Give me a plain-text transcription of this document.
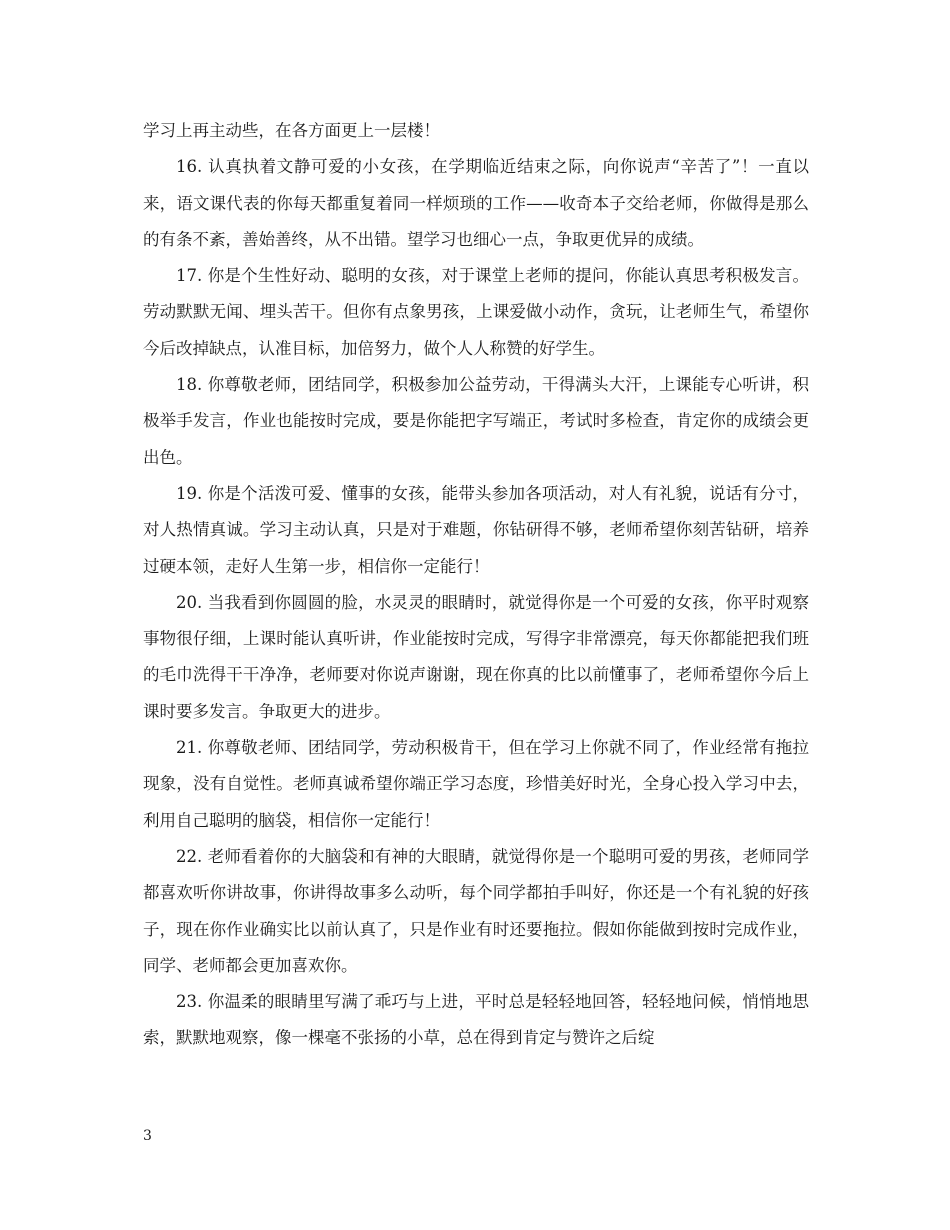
学习上再主动些，在各方面更上一层楼！

16. 认真执着文静可爱的小女孩，在学期临近结束之际，向你说声“辛苦了”！一直以来，语文课代表的你每天都重复着同一样烦琐的工作——收奇本子交给老师，你做得是那么的有条不紊，善始善终，从不出错。望学习也细心一点，争取更优异的成绩。

17. 你是个生性好动、聪明的女孩，对于课堂上老师的提问，你能认真思考积极发言。劳动默默无闻、埋头苦干。但你有点象男孩，上课爱做小动作，贪玩，让老师生气，希望你今后改掉缺点，认准目标，加倍努力，做个人人称赞的好学生。

18. 你尊敬老师，团结同学，积极参加公益劳动，干得满头大汗，上课能专心听讲，积极举手发言，作业也能按时完成，要是你能把字写端正，考试时多检查，肯定你的成绩会更出色。

19. 你是个活泼可爱、懂事的女孩，能带头参加各项活动，对人有礼貌，说话有分寸，对人热情真诚。学习主动认真，只是对于难题，你钻研得不够，老师希望你刻苦钻研，培养过硬本领，走好人生第一步，相信你一定能行！

20. 当我看到你圆圆的脸，水灵灵的眼睛时，就觉得你是一个可爱的女孩，你平时观察事物很仔细，上课时能认真听讲，作业能按时完成，写得字非常漂亮，每天你都能把我们班的毛巾洗得干干净净，老师要对你说声谢谢，现在你真的比以前懂事了，老师希望你今后上课时要多发言。争取更大的进步。

21. 你尊敬老师、团结同学，劳动积极肯干，但在学习上你就不同了，作业经常有拖拉现象，没有自觉性。老师真诚希望你端正学习态度，珍惜美好时光，全身心投入学习中去，利用自己聪明的脑袋，相信你一定能行！

22. 老师看着你的大脑袋和有神的大眼睛，就觉得你是一个聪明可爱的男孩，老师同学都喜欢听你讲故事，你讲得故事多么动听，每个同学都拍手叫好，你还是一个有礼貌的好孩子，现在你作业确实比以前认真了，只是作业有时还要拖拉。假如你能做到按时完成作业，同学、老师都会更加喜欢你。

23. 你温柔的眼睛里写满了乖巧与上进，平时总是轻轻地回答，轻轻地问候，悄悄地思索，默默地观察，像一棵毫不张扬的小草，总在得到肯定与赞许之后绽

3
